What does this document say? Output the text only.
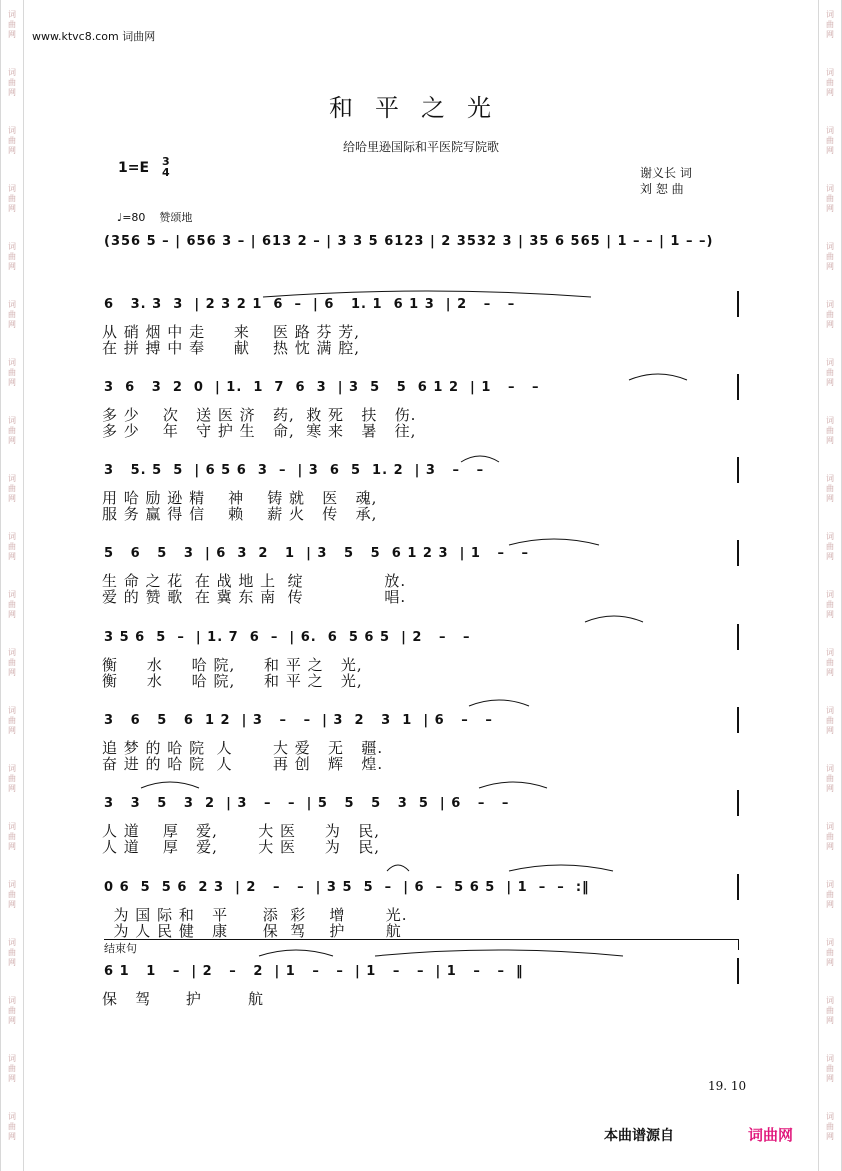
词
曲
网
词
曲
网
词
曲
网
词
曲
网
词
曲
网
词
曲
网
词
曲
网
词
曲
网
词
曲
网
词
曲
网
词
曲
网
词
曲
网
词
曲
网
词
曲
网
词
曲
网
词
曲
网
词
曲
网
词
曲
网
词
曲
网
词
曲
网
词
曲
网
词
曲
网
词
曲
网
词
曲
网
词
曲
网
词
曲
网
词
曲
网
词
曲
网
词
曲
网
词
曲
网
词
曲
网
词
曲
网
词
曲
网
词
曲
网
词
曲
网
词
曲
网
词
曲
网
词
曲
网
词
曲
网
词
曲
网
www.ktvc8.com 词曲网
和平之光
给哈里逊国际和平医院写院歌
1=E 3
4	谢义长 词
刘 恕 曲
♩=80 赞颂地
(356 5 – | 656 3 – | 613 2 – | 3 3 5 6123 | 2 3532 3 | 35 6 565 | 1 – – | 1 – –)
6   3. 3  3  | 2 3 2 1  6  –  | 6   1. 1  6 1 3  | 2   –   –
从 硝 烟 中 走     来    医 路 芬 芳,
在 拼 搏 中 奉     献    热 忱 满 腔,
3  6   3  2  0  | 1.  1  7  6  3  | 3  5   5  6 1 2  | 1   –   –
多 少    次   送 医 济   药,  救 死   扶   伤.
多 少    年   守 护 生   命,  寒 来   暑   往,
3   5. 5  5  | 6 5 6  3  –  | 3  6  5  1. 2  | 3   –   –
用 哈 励 逊 精    神    铸 就   医   魂,
服 务 赢 得 信    赖    薪 火   传   承,
5   6   5   3  | 6  3  2   1  | 3   5   5  6 1 2 3  | 1   –   –
生 命 之 花  在 战 地 上  绽              放.
爱 的 赞 歌  在 冀 东 南  传              唱.
3 5 6  5  –  | 1. 7  6  –  | 6.  6  5 6 5  | 2   –   –
衡     水     哈 院,     和 平 之   光,
衡     水     哈 院,     和 平 之   光,
3   6   5   6  1 2  | 3   –   –  | 3  2   3  1  | 6   –   –
追 梦 的 哈 院  人       大 爱   无   疆.
奋 进 的 哈 院  人       再 创   辉   煌.
3   3   5   3  2  | 3   –   –  | 5   5   5   3  5  | 6   –   –
人 道    厚   爱,       大 医     为   民,
人 道    厚   爱,       大 医     为   民,
0 6  5  5 6  2 3  | 2   –   –  | 3 5  5  –  | 6  –  5 6 5  | 1  –  –  :‖
为 国 际 和   平      添  彩    增       光.
为 人 民 健   康      保  驾    护       航
6 1   1   –  | 2   –   2  | 1   –   –  | 1   –   –  | 1   –   –  ‖
保   驾      护        航
结束句
19. 10
本曲谱源自	词曲网
